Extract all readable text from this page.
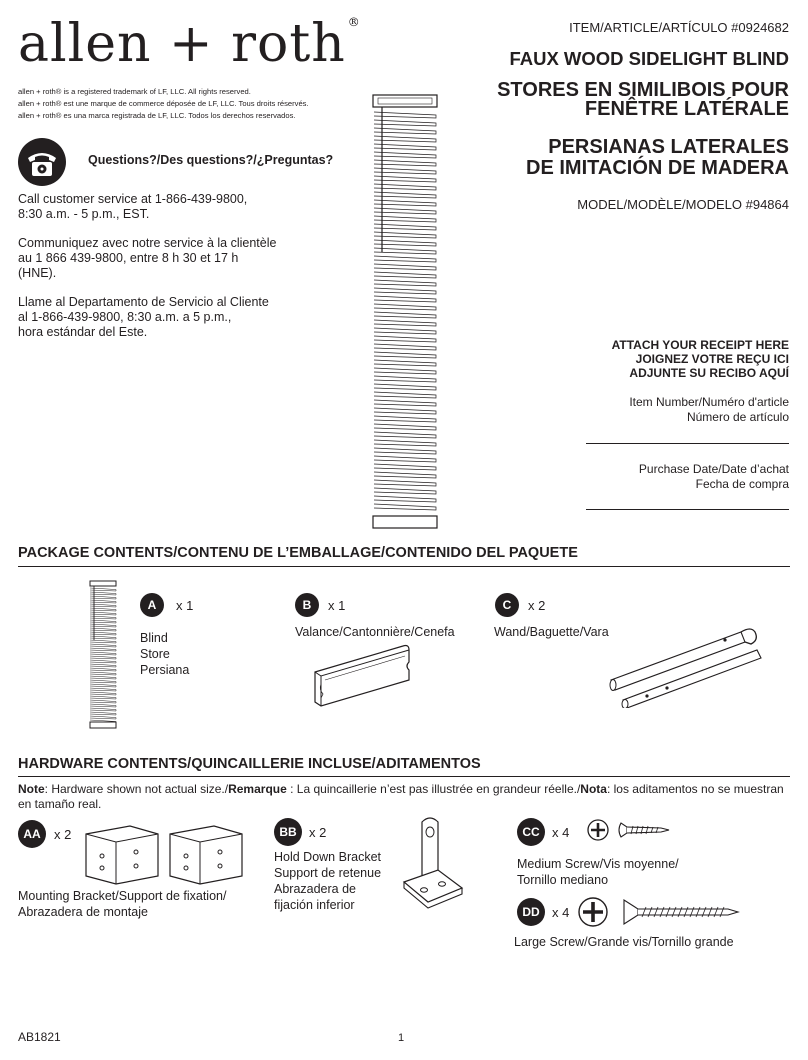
allen + roth ®
allen + roth® is a registered trademark of LF, LLC. All rights reserved.
allen + roth® est une marque de commerce déposée de LF, LLC. Tous droits réservés.
allen + roth® es una marca registrada de LF, LLC. Todos los derechos reservados.
Questions?/Des questions?/¿Preguntas?

Call customer service at 1-866-439-9800,
8:30 a.m. - 5 p.m., EST.

Communiquez avec notre service à la clientèle
au 1 866 439-9800, entre 8 h 30 et 17 h
(HNE).

Llame al Departamento de Servicio al Cliente
al 1-866-439-9800, 8:30 a.m. a 5 p.m.,
hora estándar del Este.

ITEM/ARTICLE/ARTÍCULO #0924682
FAUX WOOD SIDELIGHT BLIND
STORES EN SIMILIBOIS POUR
FENÊTRE LATÉRALE
PERSIANAS LATERALES
DE IMITACIÓN DE MADERA
MODEL/MODÈLE/MODELO #94864
ATTACH YOUR RECEIPT HERE
JOIGNEZ VOTRE REÇU ICI
ADJUNTE SU RECIBO AQUÍ
Item Number/Numéro d'article
Número de artículo
Purchase Date/Date d’achat
Fecha de compra
PACKAGE CONTENTS/CONTENU DE L’EMBALLAGE/CONTENIDO DEL PAQUETE
A	x 1
Blind
Store
Persiana
B	x 1
Valance/Cantonnière/Cenefa
C	x 2
Wand/Baguette/Vara
HARDWARE CONTENTS/QUINCAILLERIE INCLUSE/ADITAMENTOS
Note: Hardware shown not actual size./Remarque : La quincaillerie n’est pas illustrée en grandeur réelle./Nota: los aditamentos no se muestran en tamaño real.
AA	x 2
Mounting Bracket/Support de fixation/
Abrazadera de montaje
BB x 2
Hold Down Bracket
Support de retenue
Abrazadera de
fijación inferior
CC x 4
Medium Screw/Vis moyenne/
Tornillo mediano
DD x 4
Large Screw/Grande vis/Tornillo grande
AB1821	1
